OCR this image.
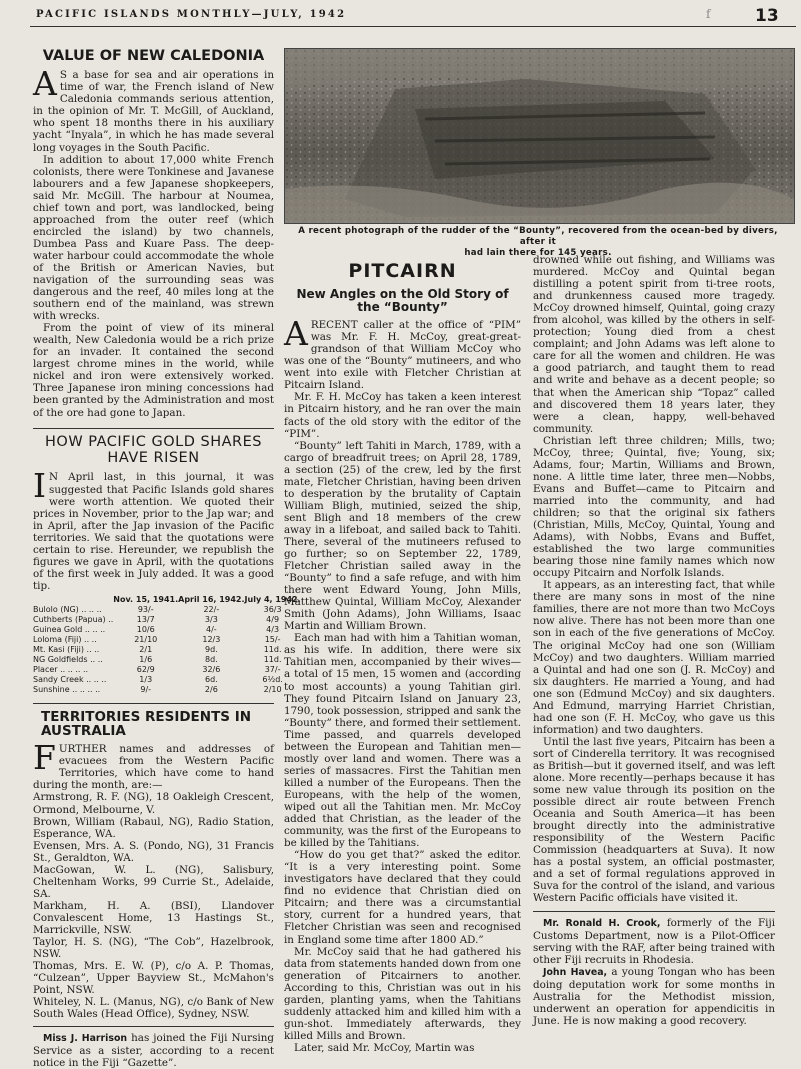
PACIFIC ISLANDS MONTHLY—JULY, 1942	f	13
VALUE OF NEW CALEDONIA

A S a base for sea and air operations in time of war, the French island of New Caledonia commands serious attention, in the opinion of Mr. T. McGill, of Auckland, who spent 18 months there in his auxiliary yacht “Inyala”, in which he has made several long voyages in the South Pacific.

In addition to about 17,000 white French colonists, there were Tonkinese and Javanese labourers and a few Japanese shopkeepers, said Mr. McGill. The harbour at Noumea, chief town and port, was landlocked, being approached from the outer reef (which encircled the island) by two channels, Dumbea Pass and Kuare Pass. The deep-water harbour could accommodate the whole of the British or American Navies, but navigation of the surrounding seas was dangerous and the reef, 40 miles long at the southern end of the mainland, was strewn with wrecks.

From the point of view of its mineral wealth, New Caledonia would be a rich prize for an invader. It contained the second largest chrome mines in the world, while nickel and iron were extensively worked. Three Japanese iron mining concessions had been granted by the Administration and most of the ore had gone to Japan.

HOW PACIFIC GOLD SHARES
HAVE RISEN

I N April last, in this journal, it was suggested that Pacific Islands gold shares were worth attention. We quoted their prices in November, prior to the Jap war; and in April, after the Jap invasion of the Pacific territories. We said that the quotations were certain to rise. Hereunder, we republish the figures we gave in April, with the quotations of the first week in July added. It was a good tip.

	Nov. 15, 1941.	April 16, 1942.	July 4, 1942.
Bulolo (NG) .. .. ..	93/-	22/-	36/3
Cuthberts (Papua) ..	13/7	3/3	4/9
Guinea Gold .. .. ..	10/6	4/-	4/3
Loloma (Fiji) .. ..	21/10	12/3	15/-
Mt. Kasi (Fiji) .. ..	2/1	9d.	11d.
NG Goldfields .. ..	1/6	8d.	11d.
Placer .. .. .. ..	62/9	32/6	37/-
Sandy Creek .. .. ..	1/3	6d.	6½d.
Sunshine .. .. .. ..	9/-	2/6	2/10
TERRITORIES RESIDENTS IN
AUSTRALIA

FURTHER names and addresses of evacuees from the Western Pacific Territories, which have come to hand during the month, are:—

Armstrong, R. F. (NG), 18 Oakleigh Crescent, Ormond, Melbourne, V.

Brown, William (Rabaul, NG), Radio Station, Esperance, WA.

Evensen, Mrs. A. S. (Pondo, NG), 31 Francis St., Geraldton, WA.

MacGowan, W. L. (NG), Salisbury, Cheltenham Works, 99 Currie St., Adelaide, SA.

Markham, H. A. (BSI), Llandover Convalescent Home, 13 Hastings St., Marrickville, NSW.

Taylor, H. S. (NG), “The Cob”, Hazelbrook, NSW.

Thomas, Mrs. E. W. (P), c/o A. P. Thomas, “Culzean”, Upper Bayview St., McMahon's Point, NSW.

Whiteley, N. L. (Manus, NG), c/o Bank of New South Wales (Head Office), Sydney, NSW.

Miss J. Harrison has joined the Fiji Nursing Service as a sister, according to a recent notice in the Fiji “Gazette”.

A recent photograph of the rudder of the “Bounty”, recovered from the ocean-bed by divers, after it
had lain there for 145 years.
PITCAIRN
New Angles on the Old Story of
the “Bounty”

ARECENT caller at the office of “PIM” was Mr. F. H. McCoy, great-great-grandson of that William McCoy who was one of the “Bounty” mutineers, and who went into exile with Fletcher Christian at Pitcairn Island.

Mr. F. H. McCoy has taken a keen interest in Pitcairn history, and he ran over the main facts of the old story with the editor of the “PIM”.

“Bounty” left Tahiti in March, 1789, with a cargo of breadfruit trees; on April 28, 1789, a section (25) of the crew, led by the first mate, Fletcher Christian, having been driven to desperation by the brutality of Captain William Bligh, mutinied, seized the ship, sent Bligh and 18 members of the crew away in a lifeboat, and sailed back to Tahiti. There, several of the mutineers refused to go further; so on September 22, 1789, Fletcher Christian sailed away in the “Bounty” to find a safe refuge, and with him there went Edward Young, John Mills, Matthew Quintal, William McCoy, Alexander Smith (John Adams), John Williams, Isaac Martin and William Brown.

Each man had with him a Tahitian woman, as his wife. In addition, there were six Tahitian men, accompanied by their wives—a total of 15 men, 15 women and (according to most accounts) a young Tahitian girl. They found Pitcairn Island on January 23, 1790, took possession, stripped and sank the “Bounty” there, and formed their settlement. Time passed, and quarrels developed between the European and Tahitian men—mostly over land and women. There was a series of massacres. First the Tahitian men killed a number of the Europeans. Then the Europeans, with the help of the women, wiped out all the Tahitian men. Mr. McCoy added that Christian, as the leader of the community, was the first of the Europeans to be killed by the Tahitians.

“How do you get that?” asked the editor. “It is a very interesting point. Some investigators have declared that they could find no evidence that Christian died on Pitcairn; and there was a circumstantial story, current for a hundred years, that Fletcher Christian was seen and recognised in England some time after 1800 AD.”

Mr. McCoy said that he had gathered his data from statements handed down from one generation of Pitcairners to another. According to this, Christian was out in his garden, planting yams, when the Tahitians suddenly attacked him and killed him with a gun-shot. Immediately afterwards, they killed Mills and Brown.

Later, said Mr. McCoy, Martin was

drowned while out fishing, and Williams was murdered. McCoy and Quintal began distilling a potent spirit from ti-tree roots, and drunkenness caused more tragedy. McCoy drowned himself, Quintal, going crazy from alcohol, was killed by the others in self-protection; Young died from a chest complaint; and John Adams was left alone to care for all the women and children. He was a good patriarch, and taught them to read and write and behave as a decent people; so that when the American ship “Topaz” called and discovered them 18 years later, they were a clean, happy, well-behaved community.

Christian left three children; Mills, two; McCoy, three; Quintal, five; Young, six; Adams, four; Martin, Williams and Brown, none. A little time later, three men—Nobbs, Evans and Buffet—came to Pitcairn and married into the community, and had children; so that the original six fathers (Christian, Mills, McCoy, Quintal, Young and Adams), with Nobbs, Evans and Buffet, established the two large communities bearing those nine family names which now occupy Pitcairn and Norfolk Islands.

It appears, as an interesting fact, that while there are many sons in most of the nine families, there are not more than two McCoys now alive. There has not been more than one son in each of the five generations of McCoy. The original McCoy had one son (William McCoy) and two daughters. William married a Quintal and had one son (J. R. McCoy) and six daughters. He married a Young, and had one son (Edmund McCoy) and six daughters. And Edmund, marrying Harriet Christian, had one son (F. H. McCoy, who gave us this information) and two daughters.

Until the last five years, Pitcairn has been a sort of Cinderella territory. It was recognised as British—but it governed itself, and was left alone. More recently—perhaps because it has some new value through its position on the possible direct air route between French Oceania and South America—it has been brought directly into the administrative responsibility of the Western Pacific Commission (headquarters at Suva). It now has a postal system, an official postmaster, and a set of formal regulations approved in Suva for the control of the island, and various Western Pacific officials have visited it.

Mr. Ronald H. Crook, formerly of the Fiji Customs Department, now is a Pilot-Officer serving with the RAF, after being trained with other Fiji recruits in Rhodesia.

John Havea, a young Tongan who has been doing deputation work for some months in Australia for the Methodist mission, underwent an operation for appendicitis in June. He is now making a good recovery.
